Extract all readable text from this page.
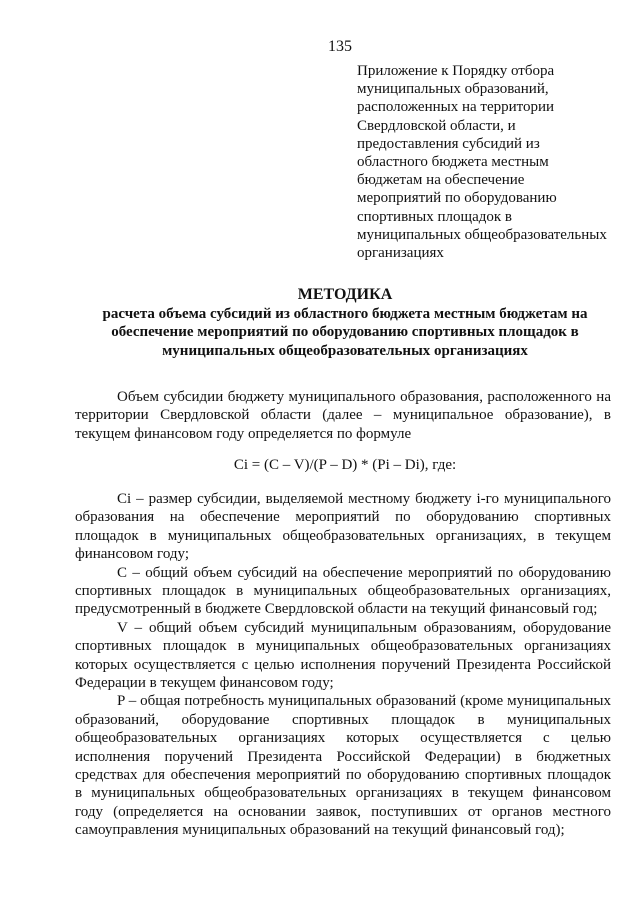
135
Приложение к Порядку отбора
муниципальных образований,
расположенных на территории
Свердловской области, и
предоставления субсидий из
областного бюджета местным
бюджетам на обеспечение
мероприятий по оборудованию
спортивных площадок в
муниципальных общеобразовательных
организациях
МЕТОДИКА
расчета объема субсидий из областного бюджета местным бюджетам на
обеспечение мероприятий по оборудованию спортивных площадок в
муниципальных общеобразовательных организациях
Объем субсидии бюджету муниципального образования, расположенного на
территории Свердловской области (далее – муниципальное образование), в
текущем финансовом году определяется по формуле
Ci = (C – V)/(P – D) * (Pi – Di), где:
Ci – размер субсидии, выделяемой местному бюджету i-го муниципального
образования на обеспечение мероприятий по оборудованию спортивных
площадок в муниципальных общеобразовательных организациях, в текущем
финансовом году;
C – общий объем субсидий на обеспечение мероприятий по оборудованию
спортивных площадок в муниципальных общеобразовательных организациях,
предусмотренный в бюджете Свердловской области на текущий финансовый год;
V – общий объем субсидий муниципальным образованиям, оборудование
спортивных площадок в муниципальных общеобразовательных организациях
которых осуществляется с целью исполнения поручений Президента Российской
Федерации в текущем финансовом году;
P – общая потребность муниципальных образований (кроме муниципальных
образований, оборудование спортивных площадок в муниципальных
общеобразовательных организациях которых осуществляется с целью
исполнения поручений Президента Российской Федерации) в бюджетных
средствах для обеспечения мероприятий по оборудованию спортивных площадок
в муниципальных общеобразовательных организациях в текущем финансовом
году (определяется на основании заявок, поступивших от органов местного
самоуправления муниципальных образований на текущий финансовый год);
